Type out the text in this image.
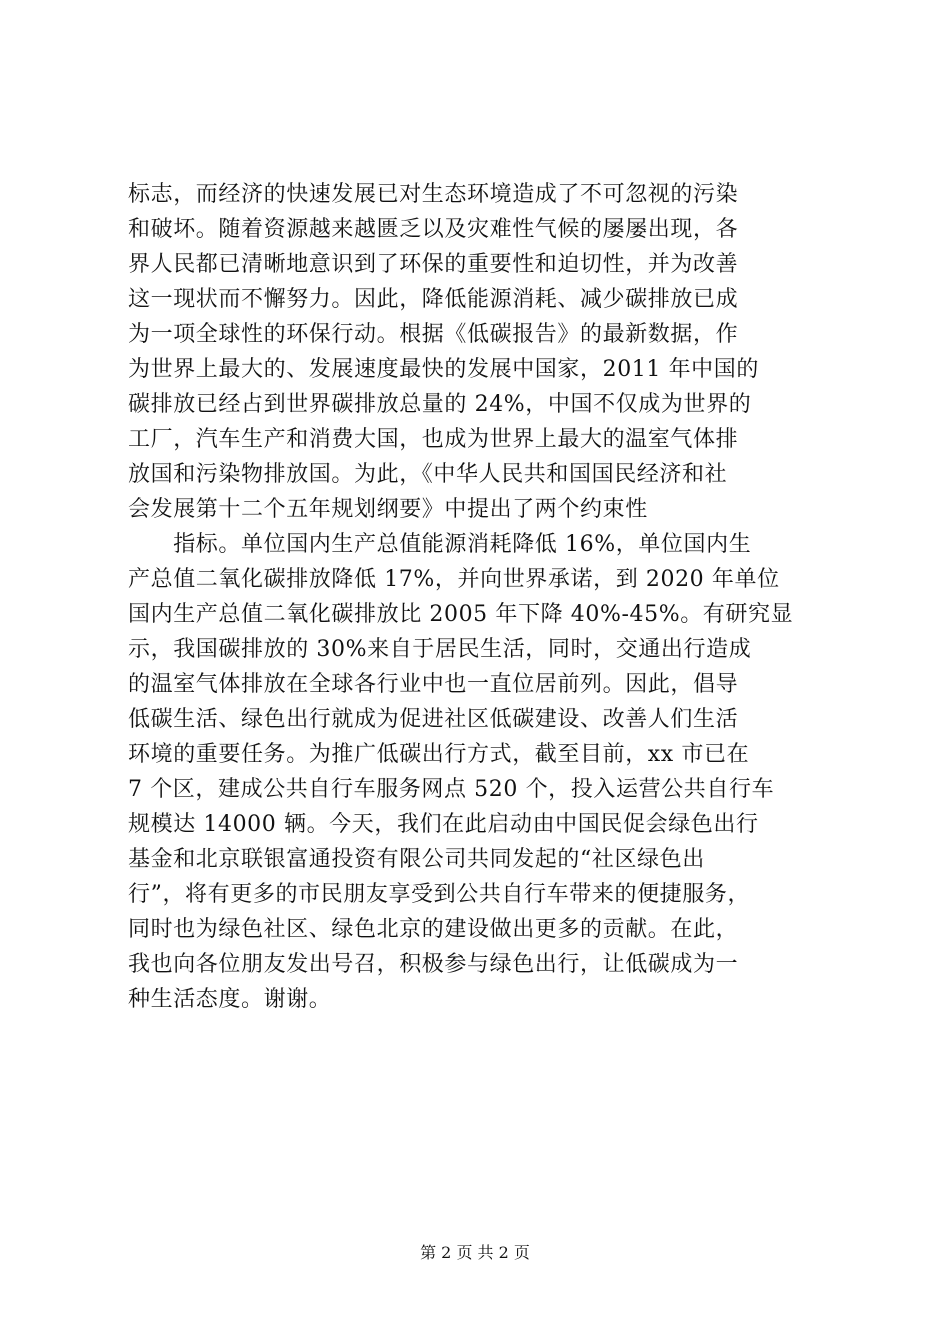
标志，而经济的快速发展已对生态环境造成了不可忽视的污染
和破坏。随着资源越来越匮乏以及灾难性气候的屡屡出现，各
界人民都已清晰地意识到了环保的重要性和迫切性，并为改善
这一现状而不懈努力。因此，降低能源消耗、减少碳排放已成
为一项全球性的环保行动。根据《低碳报告》的最新数据，作
为世界上最大的、发展速度最快的发展中国家，2011 年中国的
碳排放已经占到世界碳排放总量的 24%，中国不仅成为世界的
工厂，汽车生产和消费大国，也成为世界上最大的温室气体排
放国和污染物排放国。为此，《中华人民共和国国民经济和社
会发展第十二个五年规划纲要》中提出了两个约束性
　　指标。单位国内生产总值能源消耗降低 16%，单位国内生
产总值二氧化碳排放降低 17%，并向世界承诺，到 2020 年单位
国内生产总值二氧化碳排放比 2005 年下降 40%-45%。有研究显
示，我国碳排放的 30%来自于居民生活，同时，交通出行造成
的温室气体排放在全球各行业中也一直位居前列。因此，倡导
低碳生活、绿色出行就成为促进社区低碳建设、改善人们生活
环境的重要任务。为推广低碳出行方式，截至目前，xx 市已在
7 个区，建成公共自行车服务网点 520 个，投入运营公共自行车
规模达 14000 辆。今天，我们在此启动由中国民促会绿色出行
基金和北京联银富通投资有限公司共同发起的“社区绿色出
行”，将有更多的市民朋友享受到公共自行车带来的便捷服务，
同时也为绿色社区、绿色北京的建设做出更多的贡献。在此，
我也向各位朋友发出号召，积极参与绿色出行，让低碳成为一
种生活态度。谢谢。
第 2 页 共 2 页
